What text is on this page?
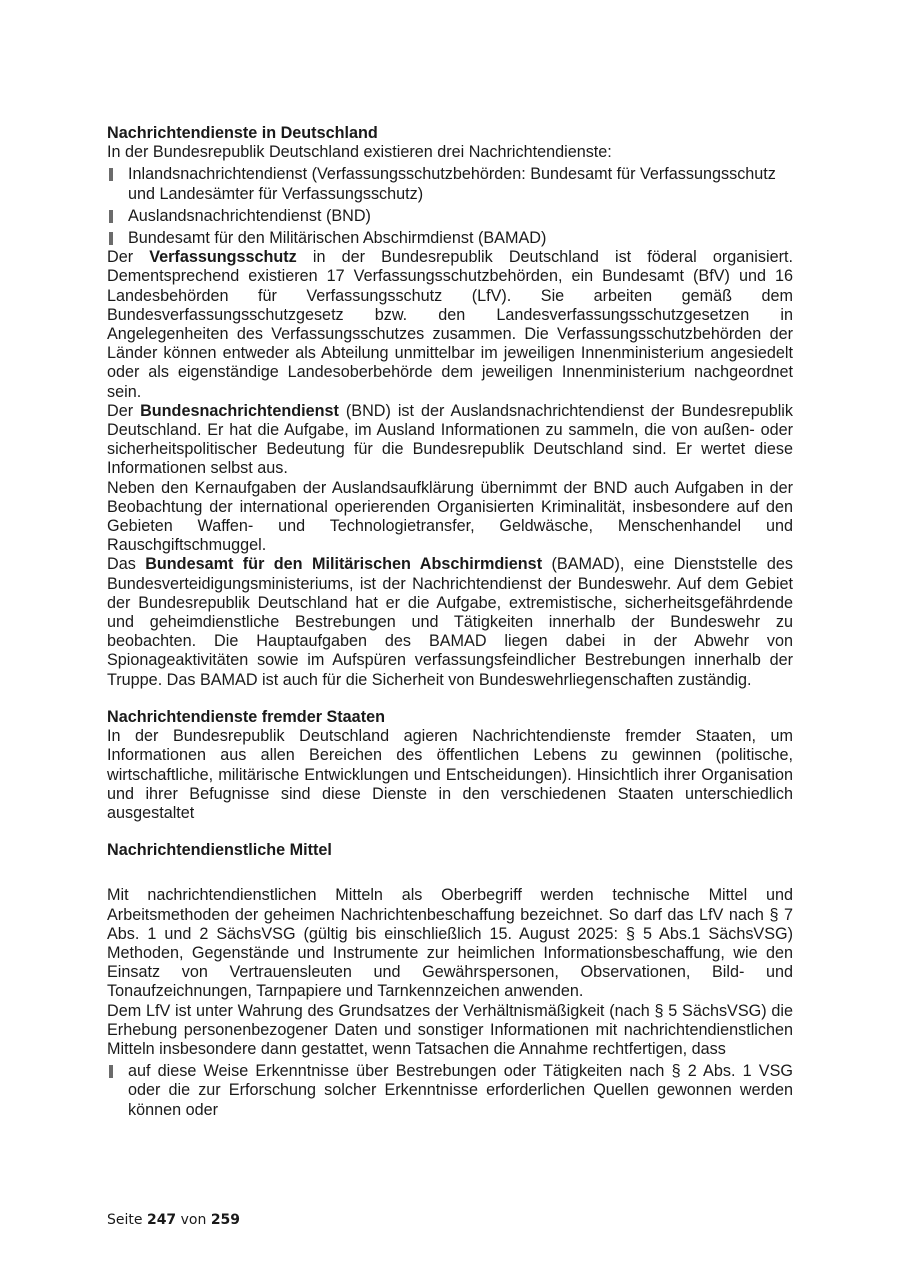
Nachrichtendienste in Deutschland

In der Bundesrepublik Deutschland existieren drei Nachrichtendienste:

Inlandsnachrichtendienst (Verfassungsschutzbehörden: Bundesamt für Verfassungsschutz und Landesämter für Verfassungsschutz)
Auslandsnachrichtendienst (BND)
Bundesamt für den Militärischen Abschirmdienst (BAMAD)

Der Verfassungsschutz in der Bundesrepublik Deutschland ist föderal organisiert. Dementsprechend existieren 17 Verfassungsschutzbehörden, ein Bundesamt (BfV) und 16 Landesbehörden für Verfassungsschutz (LfV). Sie arbeiten gemäß dem Bundesverfassungsschutzgesetz bzw. den Landesverfassungsschutzgesetzen in Angelegenheiten des Verfassungsschutzes zusammen. Die Verfassungsschutzbehörden der Länder können entweder als Abteilung unmittelbar im jeweiligen Innenministerium angesiedelt oder als eigenständige Landesoberbehörde dem jeweiligen Innenministerium nachgeordnet sein.

Der Bundesnachrichtendienst (BND) ist der Auslandsnachrichtendienst der Bundesrepublik Deutschland. Er hat die Aufgabe, im Ausland Informationen zu sammeln, die von außen- oder sicherheitspolitischer Bedeutung für die Bundesrepublik Deutschland sind. Er wertet diese Informationen selbst aus.

Neben den Kernaufgaben der Auslandsaufklärung übernimmt der BND auch Aufgaben in der Beobachtung der international operierenden Organisierten Kriminalität, insbesondere auf den Gebieten Waffen- und Technologietransfer, Geldwäsche, Menschenhandel und Rauschgiftschmuggel.

Das Bundesamt für den Militärischen Abschirmdienst (BAMAD), eine Dienststelle des Bundesverteidigungsministeriums, ist der Nachrichtendienst der Bundeswehr. Auf dem Gebiet der Bundesrepublik Deutschland hat er die Aufgabe, extremistische, sicherheitsgefährdende und geheimdienstliche Bestrebungen und Tätigkeiten innerhalb der Bundeswehr zu beobachten. Die Hauptaufgaben des BAMAD liegen dabei in der Abwehr von Spionageaktivitäten sowie im Aufspüren verfassungsfeindlicher Bestrebungen innerhalb der Truppe. Das BAMAD ist auch für die Sicherheit von Bundeswehrliegenschaften zuständig.

Nachrichtendienste fremder Staaten

In der Bundesrepublik Deutschland agieren Nachrichtendienste fremder Staaten, um Informationen aus allen Bereichen des öffentlichen Lebens zu gewinnen (politische, wirtschaftliche, militärische Entwicklungen und Entscheidungen). Hinsichtlich ihrer Organisation und ihrer Befugnisse sind diese Dienste in den verschiedenen Staaten unterschiedlich ausgestaltet

Nachrichtendienstliche Mittel

Mit nachrichtendienstlichen Mitteln als Oberbegriff werden technische Mittel und Arbeitsmethoden der geheimen Nachrichtenbeschaffung bezeichnet. So darf das LfV nach § 7 Abs. 1 und 2 SächsVSG (gültig bis einschließlich 15. August 2025: § 5 Abs.1 SächsVSG) Methoden, Gegenstände und Instrumente zur heimlichen Informationsbeschaffung, wie den Einsatz von Vertrauensleuten und Gewährspersonen, Observationen, Bild- und Tonaufzeichnungen, Tarnpapiere und Tarnkennzeichen anwenden.

Dem LfV ist unter Wahrung des Grundsatzes der Verhältnismäßigkeit (nach § 5 SächsVSG) die Erhebung personenbezogener Daten und sonstiger Informationen mit nachrichtendienstlichen Mitteln insbesondere dann gestattet, wenn Tatsachen die Annahme rechtfertigen, dass

auf diese Weise Erkenntnisse über Bestrebungen oder Tätigkeiten nach § 2 Abs. 1 VSG oder die zur Erforschung solcher Erkenntnisse erforderlichen Quellen gewonnen werden können oder
Seite 247 von 259
